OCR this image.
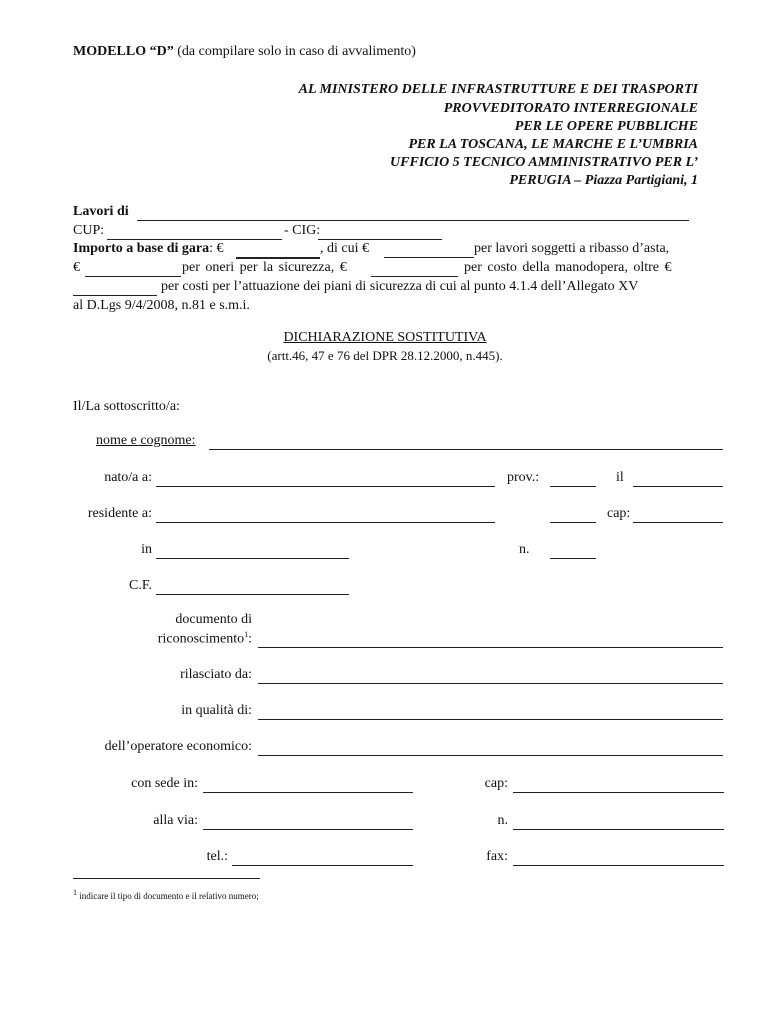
MODELLO “D” (da compilare solo in caso di avvalimento)
AL MINISTERO DELLE INFRASTRUTTURE E DEI TRASPORTI
PROVVEDITORATO INTERREGIONALE
PER LE OPERE PUBBLICHE
PER LA TOSCANA, LE MARCHE E L’UMBRIA
UFFICIO 5 TECNICO AMMINISTRATIVO PER L’
PERUGIA – Piazza Partigiani, 1
Lavori di
CUP:	- CIG:
Importo a base di gara: €	, di cui €	per lavori soggetti a ribasso d’asta,
€	per oneri per la sicurezza, €	per costo della manodopera, oltre €
per costi per l’attuazione dei piani di sicurezza di cui al punto 4.1.4 dell’Allegato XV
al D.Lgs 9/4/2008, n.81 e s.m.i.
DICHIARAZIONE SOSTITUTIVA
(artt.46, 47 e 76 del DPR 28.12.2000, n.445).
Il/La sottoscritto/a:
nome e cognome:
nato/a a:	prov.:	il
residente a:	cap:
in	n.
C.F.
documento di
riconoscimento$^1$:
rilasciato da:
in qualità di:
dell’operatore economico:
con sede in:	cap:
alla via:	n.
tel.:	fax:
$^1$ indicare il tipo di documento e il relativo numero;
